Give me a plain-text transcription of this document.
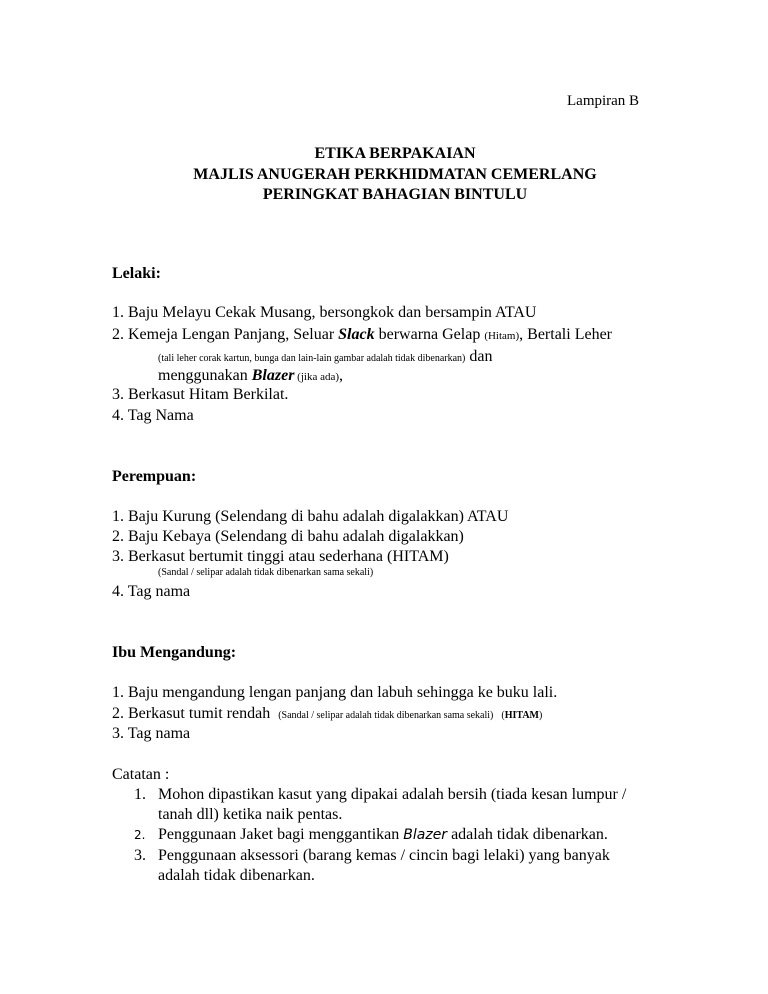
Lampiran B
ETIKA BERPAKAIAN
MAJLIS ANUGERAH PERKHIDMATAN CEMERLANG
PERINGKAT BAHAGIAN BINTULU
Lelaki:
1. Baju Melayu Cekak Musang, bersongkok dan bersampin ATAU
2. Kemeja Lengan Panjang, Seluar Slack berwarna Gelap (Hitam), Bertali Leher
(tali leher corak kartun, bunga dan lain-lain gambar adalah tidak dibenarkan) dan
menggunakan Blazer (jika ada),
3. Berkasut Hitam Berkilat.
4. Tag Nama
Perempuan:
1. Baju Kurung (Selendang di bahu adalah digalakkan) ATAU
2. Baju Kebaya (Selendang di bahu adalah digalakkan)
3. Berkasut bertumit tinggi atau sederhana (HITAM)
(Sandal / selipar adalah tidak dibenarkan sama sekali)
4. Tag nama
Ibu Mengandung:
1. Baju mengandung lengan panjang dan labuh sehingga ke buku lali.
2. Berkasut tumit rendah (Sandal / selipar adalah tidak dibenarkan sama sekali) (HITAM)
3. Tag nama
Catatan :
1. Mohon dipastikan kasut yang dipakai adalah bersih (tiada kesan lumpur /
tanah dll) ketika naik pentas.
2. Penggunaan Jaket bagi menggantikan Blazer adalah tidak dibenarkan.
3. Penggunaan aksessori (barang kemas / cincin bagi lelaki) yang banyak
adalah tidak dibenarkan.
